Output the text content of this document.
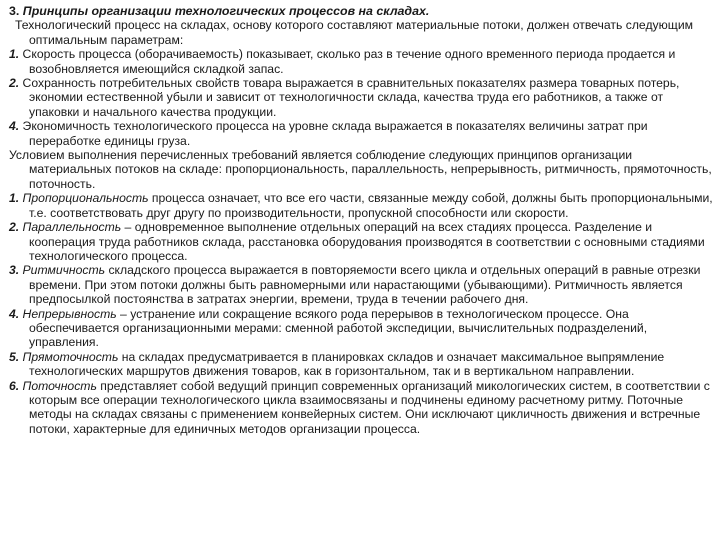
3. Принципы организации технологических процессов на складах.

Технологический процесс на складах, основу которого составляют материальные потоки, должен отвечать следующим оптимальным параметрам:

1. Скорость процесса (оборачиваемость) показывает, сколько раз в течение одного временного периода продается и возобновляется имеющийся складкой запас.

2. Сохранность потребительных свойств товара выражается в сравнительных показателях размера товарных потерь, экономии естественной убыли и зависит от технологичности склада, качества труда его работников, а также от упаковки и начального качества продукции.

4. Экономичность технологического процесса на уровне склада выражается в показателях величины затрат при переработке единицы груза.

Условием выполнения перечисленных требований является соблюдение следующих принципов организации материальных потоков на складе: пропорциональность, параллельность, непрерывность, ритмичность, прямоточность, поточность.

1. Пропорциональность процесса означает, что все его части, связанные между собой, должны быть пропорциональными, т.е. соответствовать друг другу по производительности, пропускной способности или скорости.

2. Параллельность – одновременное выполнение отдельных операций на всех стадиях процесса. Разделение и кооперация труда работников склада, расстановка оборудования производятся в соответствии с основными стадиями технологического процесса.

3. Ритмичность складского процесса выражается в повторяемости всего цикла и отдельных операций в равные отрезки времени. При этом потоки должны быть равномерными или нарастающими (убывающими). Ритмичность является предпосылкой постоянства в затратах энергии, времени, труда в течении рабочего дня.

4. Непрерывность – устранение или сокращение всякого рода перерывов в технологическом процессе. Она обеспечивается организационными мерами: сменной работой экспедиции, вычислительных подразделений, управления.

5. Прямоточность на складах предусматривается в планировках складов и означает максимальное выпрямление технологических маршрутов движения товаров, как в горизонтальном, так и в вертикальном направлении.

6. Поточность представляет собой ведущий принцип современных организаций микологических систем, в соответствии с которым все операции технологического цикла взаимосвязаны и подчинены единому расчетному ритму. Поточные методы на складах связаны с применением конвейерных систем. Они исключают цикличность движения и встречные потоки, характерные для единичных методов организации процесса.
